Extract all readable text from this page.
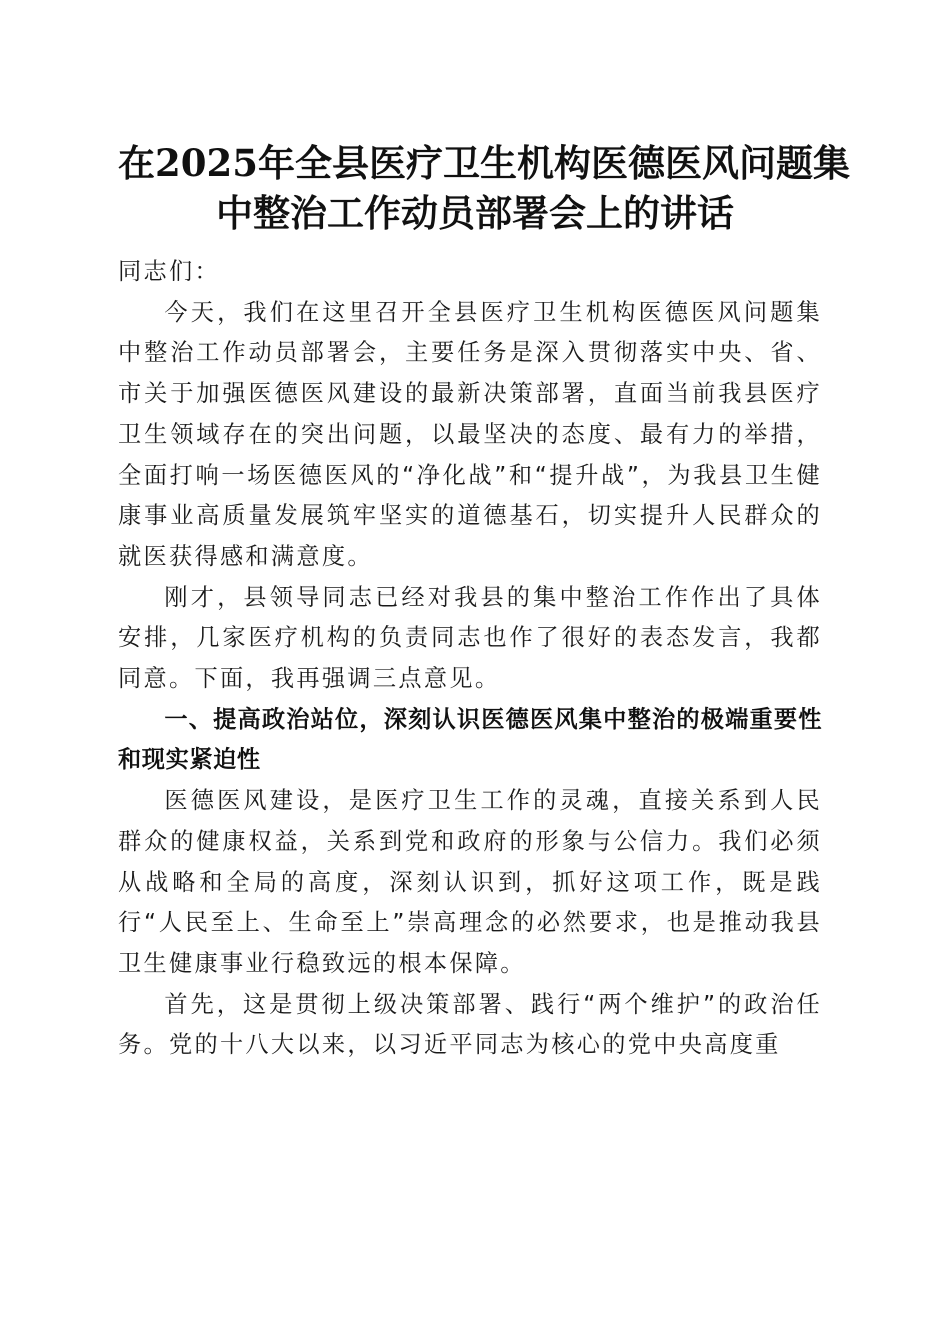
在2025年全县医疗卫生机构医德医风问题集
中整治工作动员部署会上的讲话

同志们：

今天，我们在这里召开全县医疗卫生机构医德医风问题集中整治工作动员部署会，主要任务是深入贯彻落实中央、省、市关于加强医德医风建设的最新决策部署，直面当前我县医疗卫生领域存在的突出问题，以最坚决的态度、最有力的举措，全面打响一场医德医风的“净化战”和“提升战”，为我县卫生健康事业高质量发展筑牢坚实的道德基石，切实提升人民群众的就医获得感和满意度。

刚才，县领导同志已经对我县的集中整治工作作出了具体安排，几家医疗机构的负责同志也作了很好的表态发言，我都同意。下面，我再强调三点意见。

一、提高政治站位，深刻认识医德医风集中整治的极端重要性和现实紧迫性

医德医风建设，是医疗卫生工作的灵魂，直接关系到人民群众的健康权益，关系到党和政府的形象与公信力。我们必须从战略和全局的高度，深刻认识到，抓好这项工作，既是践行“人民至上、生命至上”崇高理念的必然要求，也是推动我县卫生健康事业行稳致远的根本保障。

首先，这是贯彻上级决策部署、践行“两个维护”的政治任务。党的十八大以来，以习近平同志为核心的党中央高度重
